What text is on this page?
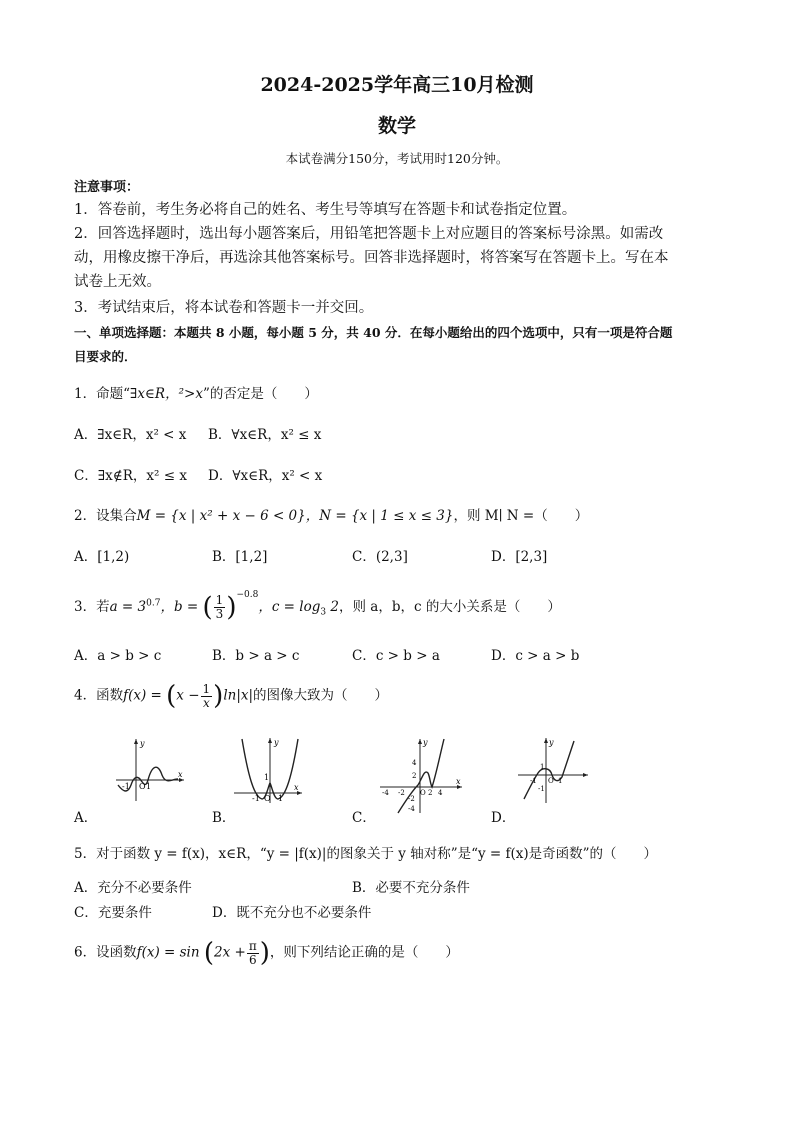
2024-2025学年高三10月检测
数学
本试卷满分150分，考试用时120分钟。
注意事项：
1．答卷前，考生务必将自己的姓名、考生号等填写在答题卡和试卷指定位置。
2．回答选择题时，选出每小题答案后，用铅笔把答题卡上对应题目的答案标号涂黑。如需改
动，用橡皮擦干净后，再选涂其他答案标号。回答非选择题时，将答案写在答题卡上。写在本
试卷上无效。
3．考试结束后，将本试卷和答题卡一并交回。
一、单项选择题：本题共 8 小题，每小题 5 分，共 40 分．在每小题给出的四个选项中，只有一项是符合题
目要求的．
1．命题“∃x∈R，²>x”的否定是（　　）
A．∃x∈R，x² < x B．∀x∈R，x² ≤ x
C．∃x∉R，x² ≤ x D．∀x∈R，x² < x
2．设集合M = {x | x² + x − 6 < 0}，N = {x | 1 ≤ x ≤ 3}，则 M∣ N =（　　）
A．[1,2)	B．[1,2]	C．(2,3]	D．[2,3]
3．若$a = 3^{0.7}$，b = ( $\frac{1}{3} )^{-0.8}$，$c = \log_3 2$，则 a，b，c 的大小关系是（　　）
A．a > b > c	B．b > a > c	C．c > b > a	D．c > a > b
4．函数$f(x) = (x - \frac{1}{x} )\ln|x|$的图像大致为（　　）
y
-1 O 1
x
A．
y
1
-1 O 1
x
B．
y
4
2
-4 -2 O 2 4
x
-2
-4
C．
y
1
-1 O 1
-1
D．
5．对于函数 y = f(x)，x∈R，“y = |f(x)|的图象关于 y 轴对称”是“y = f(x)是奇函数”的（　　）
A．充分不必要条件	B．必要不充分条件
C．充要条件	D．既不充分也不必要条件
6．设函数$f(x) = \sin (2x + \frac{\pi}{6}$ )，则下列结论正确的是（　　）
